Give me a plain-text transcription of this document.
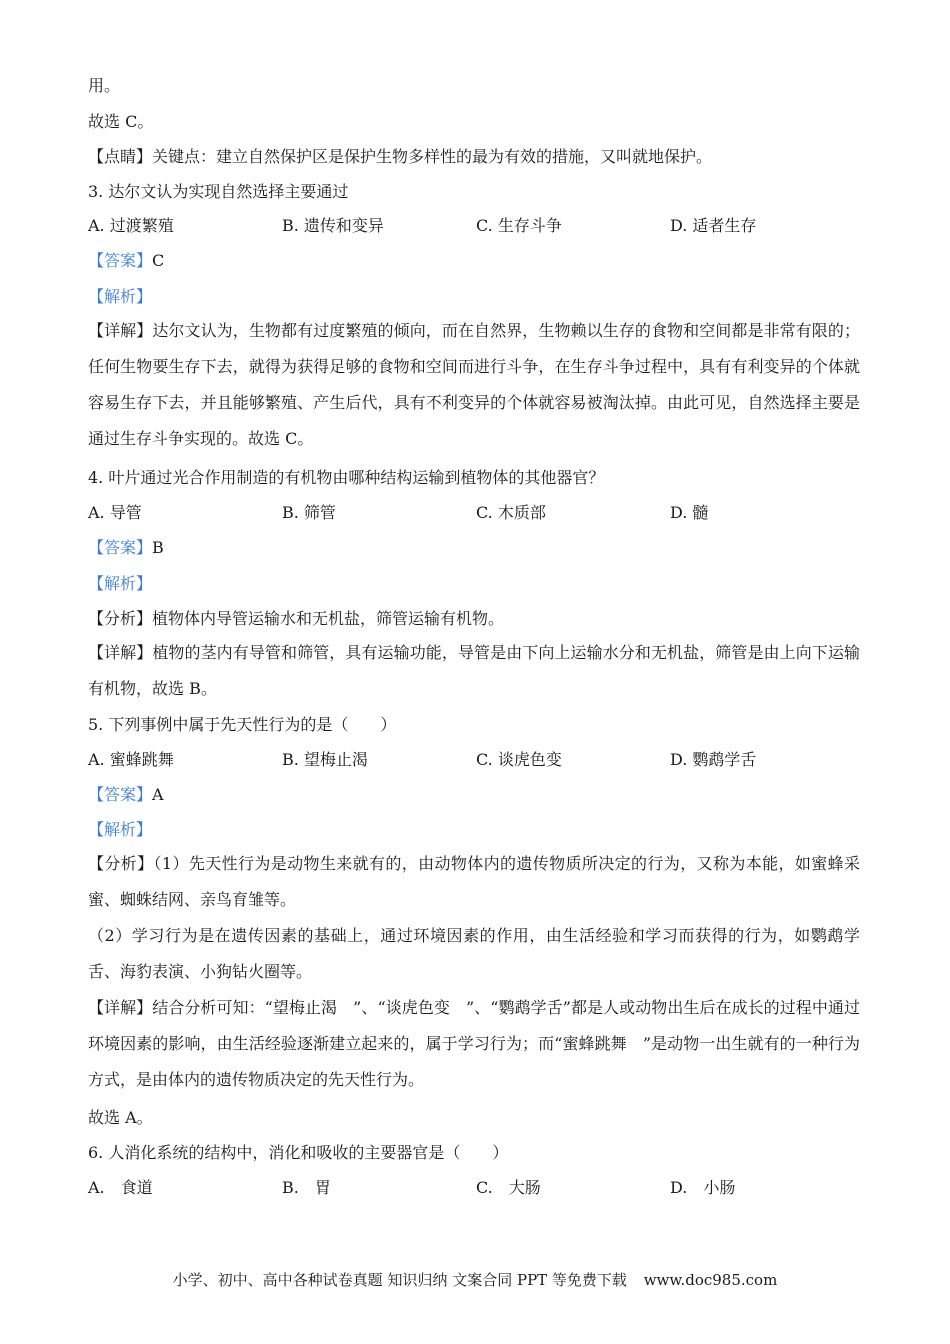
用。
故选 C。
【点睛】关键点：建立自然保护区是保护生物多样性的最为有效的措施，又叫就地保护。
3. 达尔文认为实现自然选择主要通过
A. 过渡繁殖	B. 遗传和变异	C. 生存斗争	D. 适者生存
【答案】C
【解析】
【详解】达尔文认为，生物都有过度繁殖的倾向，而在自然界，生物赖以生存的食物和空间都是非常有限的；任何生物要生存下去，就得为获得足够的食物和空间而进行斗争，在生存斗争过程中，具有有利变异的个体就容易生存下去，并且能够繁殖、产生后代，具有不利变异的个体就容易被淘汰掉。由此可见，自然选择主要是通过生存斗争实现的。故选 C。
4. 叶片通过光合作用制造的有机物由哪种结构运输到植物体的其他器官？
A. 导管	B. 筛管	C. 木质部	D. 髓
【答案】B
【解析】
【分析】植物体内导管运输水和无机盐，筛管运输有机物。
【详解】植物的茎内有导管和筛管，具有运输功能，导管是由下向上运输水分和无机盐，筛管是由上向下运输有机物，故选 B。
5. 下列事例中属于先天性行为的是（　　）
A. 蜜蜂跳舞	B. 望梅止渴	C. 谈虎色变	D. 鹦鹉学舌
【答案】A
【解析】
【分析】（1）先天性行为是动物生来就有的，由动物体内的遗传物质所决定的行为，又称为本能，如蜜蜂采蜜、蜘蛛结网、亲鸟育雏等。
（2）学习行为是在遗传因素的基础上，通过环境因素的作用，由生活经验和学习而获得的行为，如鹦鹉学舌、海豹表演、小狗钻火圈等。
【详解】结合分析可知：“望梅止渴　”、“谈虎色变　”、“鹦鹉学舌”都是人或动物出生后在成长的过程中通过环境因素的影响，由生活经验逐渐建立起来的，属于学习行为；而“蜜蜂跳舞　”是动物一出生就有的一种行为方式，是由体内的遗传物质决定的先天性行为。
故选 A。
6. 人消化系统的结构中，消化和吸收的主要器官是（　　）
A.　食道	B.　胃	C.　大肠	D.　小肠
小学、初中、高中各种试卷真题 知识归纳 文案合同 PPT 等免费下载 www.doc985.com
